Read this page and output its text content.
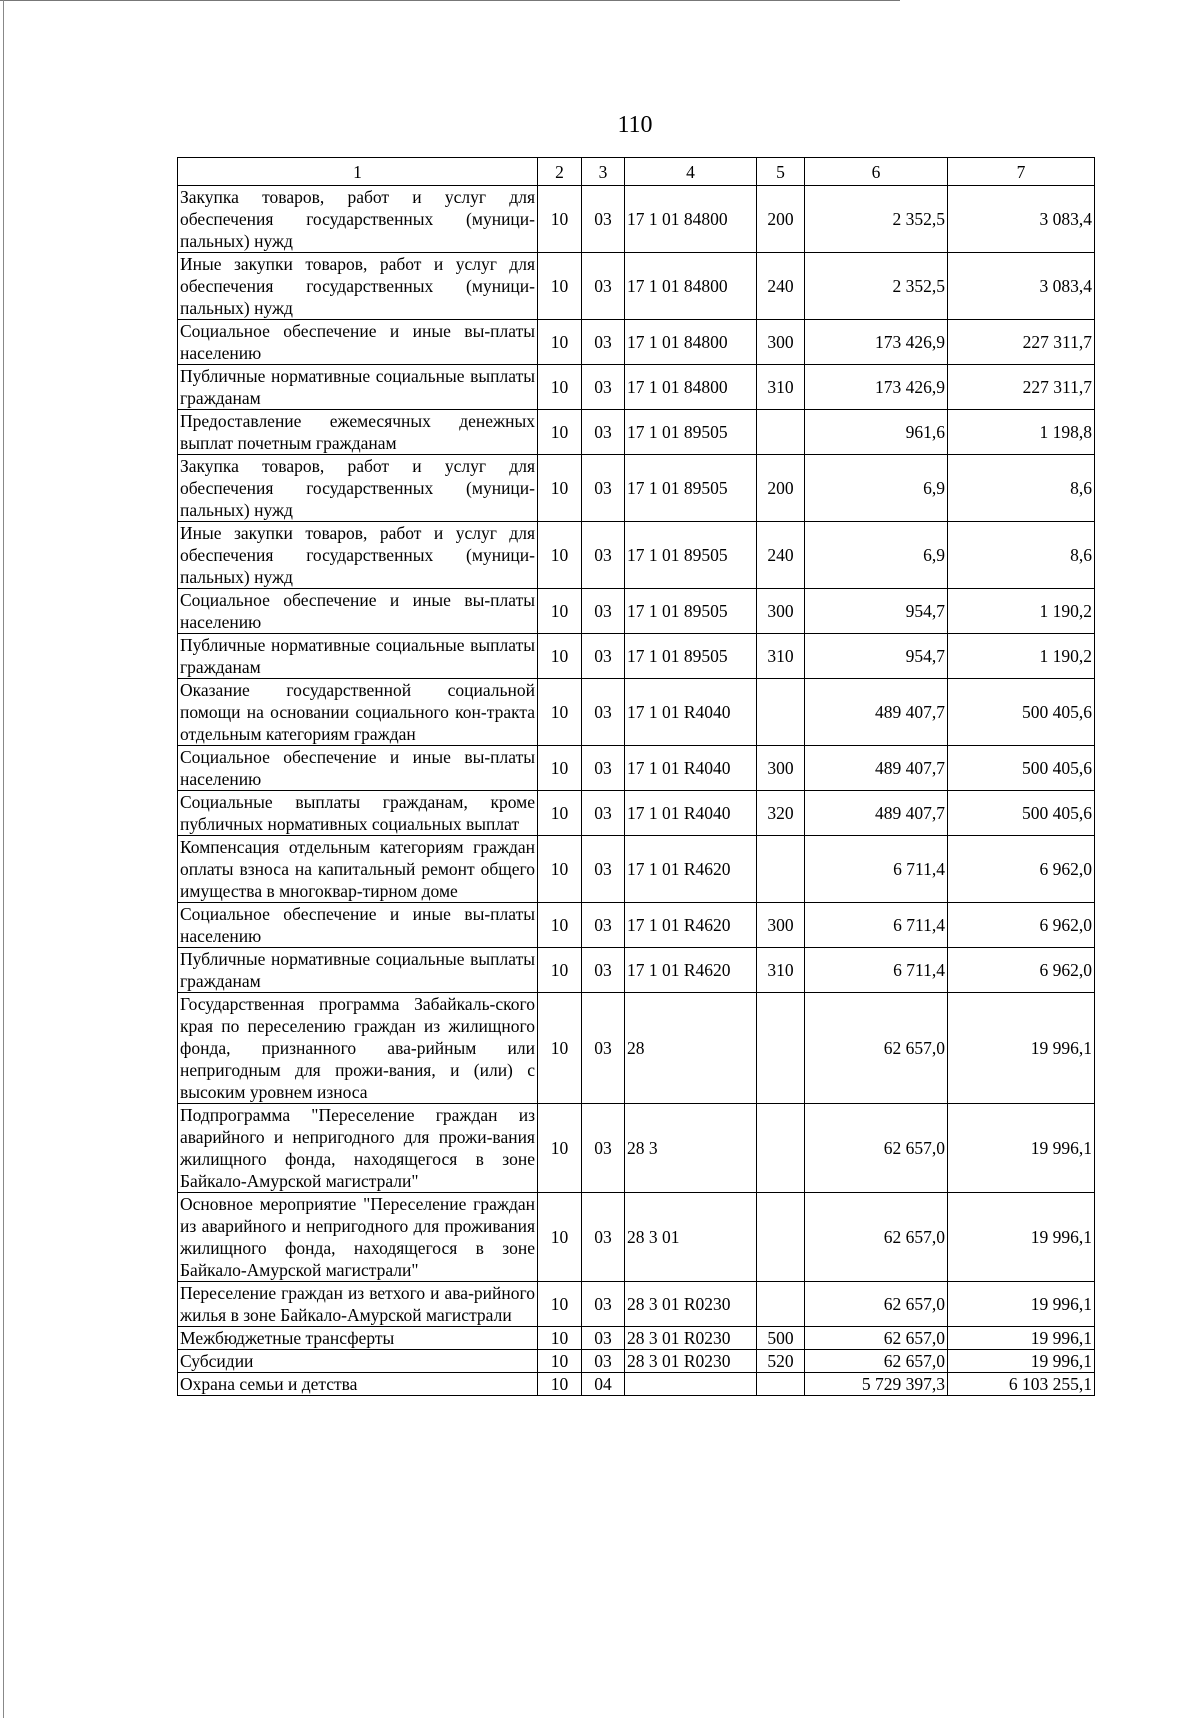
110
1	2	3	4	5	6	7
Закупка товаров, работ и услуг для обеспечения государственных (муници-пальных) нужд	10	03	17 1 01 84800	200	2 352,5	3 083,4
Иные закупки товаров, работ и услуг для обеспечения государственных (муници-пальных) нужд	10	03	17 1 01 84800	240	2 352,5	3 083,4
Социальное обеспечение и иные вы-платы населению	10	03	17 1 01 84800	300	173 426,9	227 311,7
Публичные нормативные социальные выплаты гражданам	10	03	17 1 01 84800	310	173 426,9	227 311,7
Предоставление ежемесячных денежных выплат почетным гражданам	10	03	17 1 01 89505		961,6	1 198,8
Закупка товаров, работ и услуг для обеспечения государственных (муници-пальных) нужд	10	03	17 1 01 89505	200	6,9	8,6
Иные закупки товаров, работ и услуг для обеспечения государственных (муници-пальных) нужд	10	03	17 1 01 89505	240	6,9	8,6
Социальное обеспечение и иные вы-платы населению	10	03	17 1 01 89505	300	954,7	1 190,2
Публичные нормативные социальные выплаты гражданам	10	03	17 1 01 89505	310	954,7	1 190,2
Оказание государственной социальной помощи на основании социального кон-тракта отдельным категориям граждан	10	03	17 1 01 R4040		489 407,7	500 405,6
Социальное обеспечение и иные вы-платы населению	10	03	17 1 01 R4040	300	489 407,7	500 405,6
Социальные выплаты гражданам, кроме публичных нормативных социальных выплат	10	03	17 1 01 R4040	320	489 407,7	500 405,6
Компенсация отдельным категориям граждан оплаты взноса на капитальный ремонт общего имущества в многоквар-тирном доме	10	03	17 1 01 R4620		6 711,4	6 962,0
Социальное обеспечение и иные вы-платы населению	10	03	17 1 01 R4620	300	6 711,4	6 962,0
Публичные нормативные социальные выплаты гражданам	10	03	17 1 01 R4620	310	6 711,4	6 962,0
Государственная программа Забайкаль-ского края по переселению граждан из жилищного фонда, признанного ава-рийным или непригодным для прожи-вания, и (или) с высоким уровнем износа	10	03	28		62 657,0	19 996,1
Подпрограмма "Переселение граждан из аварийного и непригодного для прожи-вания жилищного фонда, находящегося в зоне Байкало-Амурской магистрали"	10	03	28 3		62 657,0	19 996,1
Основное мероприятие "Переселение граждан из аварийного и непригодного для проживания жилищного фонда, находящегося в зоне Байкало-Амурской магистрали"	10	03	28 3 01		62 657,0	19 996,1
Переселение граждан из ветхого и ава-рийного жилья в зоне Байкало-Амурской магистрали	10	03	28 3 01 R0230		62 657,0	19 996,1
Межбюджетные трансферты	10	03	28 3 01 R0230	500	62 657,0	19 996,1
Субсидии	10	03	28 3 01 R0230	520	62 657,0	19 996,1
Охрана семьи и детства	10	04			5 729 397,3	6 103 255,1
